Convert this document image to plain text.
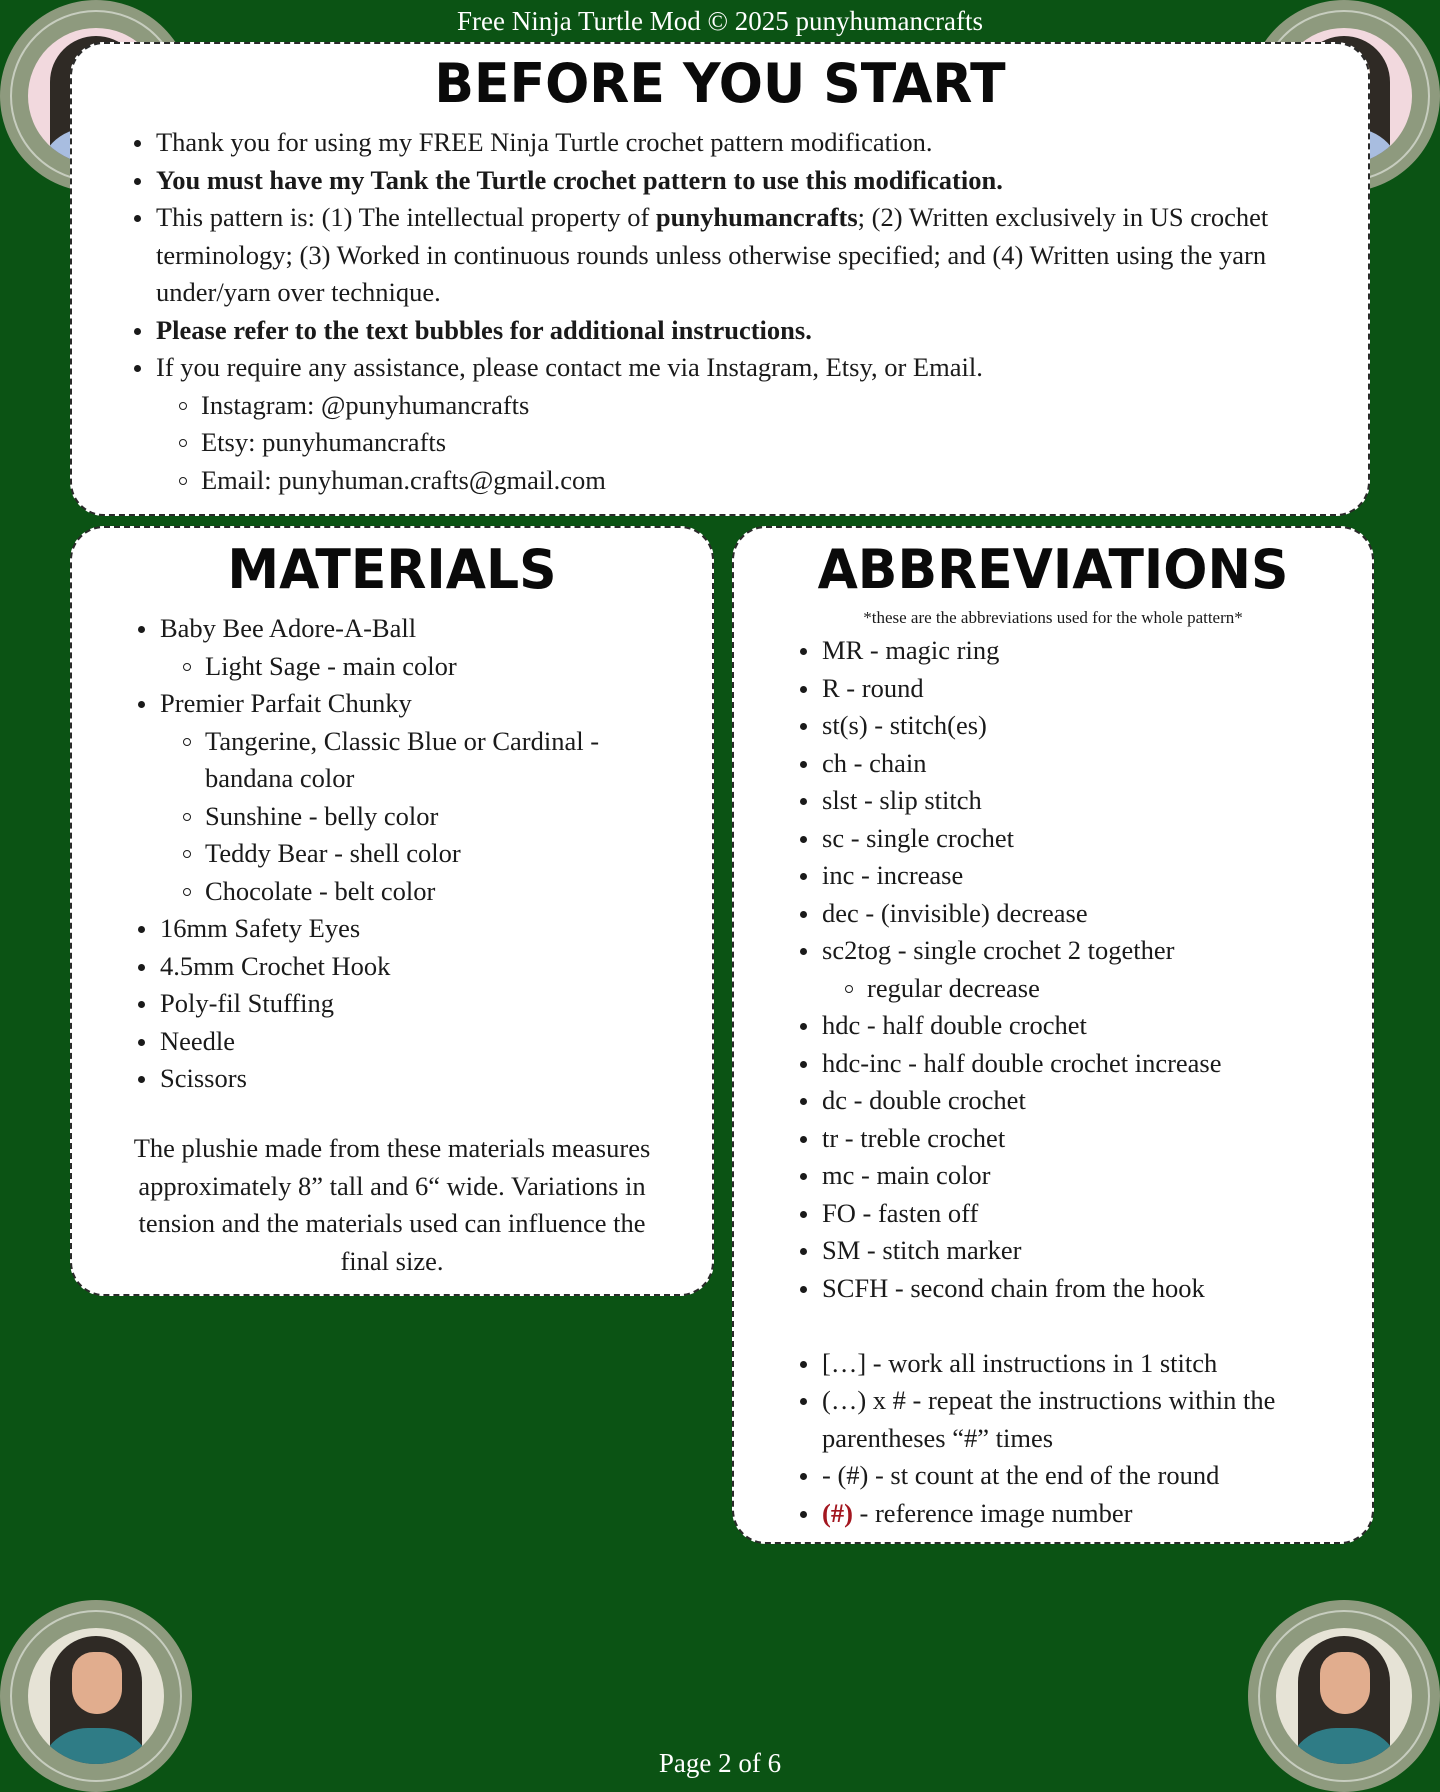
Free Ninja Turtle Mod © 2025 punyhumancrafts
BEFORE YOU START
Thank you for using my FREE Ninja Turtle crochet pattern modification.
You must have my Tank the Turtle crochet pattern to use this modification.
This pattern is: (1) The intellectual property of punyhumancrafts; (2) Written exclusively in US crochet terminology; (3) Worked in continuous rounds unless otherwise specified; and (4) Written using the yarn under/yarn over technique.
Please refer to the text bubbles for additional instructions.
If you require any assistance, please contact me via Instagram, Etsy, or Email.
Instagram: @punyhumancrafts
Etsy: punyhumancrafts
Email: punyhuman.crafts@gmail.com
MATERIALS
Baby Bee Adore-A-Ball
Light Sage - main color
Premier Parfait Chunky
Tangerine, Classic Blue or Cardinal - bandana color
Sunshine - belly color
Teddy Bear - shell color
Chocolate - belt color
16mm Safety Eyes
4.5mm Crochet Hook
Poly-fil Stuffing
Needle
Scissors
The plushie made from these materials measures approximately 8” tall and 6“ wide. Variations in tension and the materials used can influence the final size.
ABBREVIATIONS
*these are the abbreviations used for the whole pattern*
MR - magic ring
R - round
st(s) - stitch(es)
ch - chain
slst - slip stitch
sc - single crochet
inc - increase
dec - (invisible) decrease
sc2tog - single crochet 2 together
regular decrease
hdc - half double crochet
hdc-inc - half double crochet increase
dc - double crochet
tr - treble crochet
mc - main color
FO - fasten off
SM - stitch marker
SCFH - second chain from the hook
[…] - work all instructions in 1 stitch
(…) x # - repeat the instructions within the parentheses “#” times
- (#) - st count at the end of the round
(#) - reference image number
Page 2 of 6
